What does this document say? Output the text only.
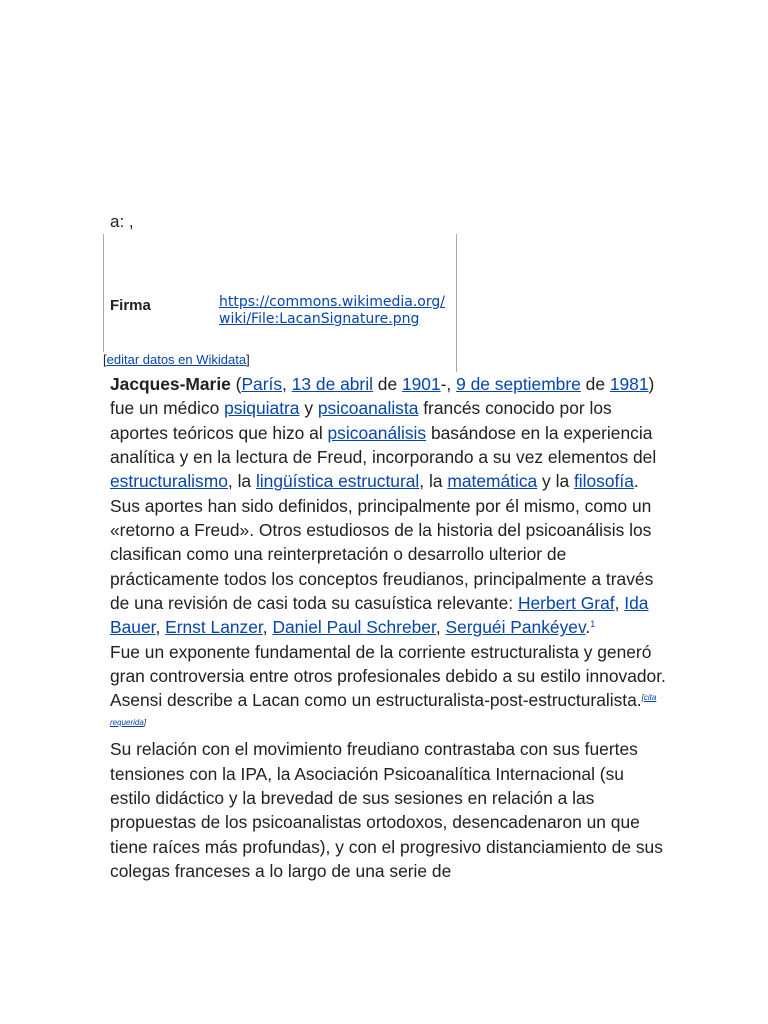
a: ,
Firma	https://commons.wikimedia.org/wiki/File:LacanSignature.png
[editar datos en Wikidata]

Jacques-Marie (París, 13 de abril de 1901-, 9 de septiembre de 1981) fue un médico psiquiatra y psicoanalista francés conocido por los aportes teóricos que hizo al psicoanálisis basándose en la experiencia analítica y en la lectura de Freud, incorporando a su vez elementos del estructuralismo, la lingüística estructural, la matemática y la filosofía.

Sus aportes han sido definidos, principalmente por él mismo, como un «retorno a Freud». Otros estudiosos de la historia del psicoanálisis los clasifican como una reinterpretación o desarrollo ulterior de prácticamente todos los conceptos freudianos, principalmente a través de una revisión de casi toda su casuística relevante: Herbert Graf, Ida Bauer, Ernst Lanzer, Daniel Paul Schreber, Serguéi Pankéyev.$^1$

Fue un exponente fundamental de la corriente estructuralista y generó gran controversia entre otros profesionales debido a su estilo innovador. Asensi describe a Lacan como un estructuralista-post-estructuralista.[cita requerida]

Su relación con el movimiento freudiano contrastaba con sus fuertes tensiones con la IPA, la Asociación Psicoanalítica Internacional (su estilo didáctico y la brevedad de sus sesiones en relación a las propuestas de los psicoanalistas ortodoxos, desencadenaron un que tiene raíces más profundas), y con el progresivo distanciamiento de sus colegas franceses a lo largo de una serie de
